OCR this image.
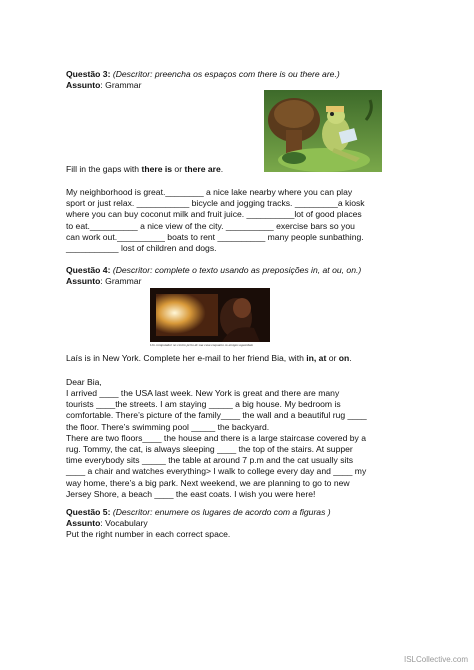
Questão 3: (Descritor: preencha os espaços com there is ou there are.)
Assunto: Grammar
Fill in the gaps with there is or there are.
My neighborhood is great.________ a nice lake nearby where you can play
sport or just relax. ___________ bicycle and jogging tracks. _________a kiosk
where you can buy coconut milk and fruit juice. __________lot of good places
to eat.__________ a nice view of the city. __________ exercise bars so you
can work out.__________ boats to rent __________ many people sunbathing.
___________ lost of children and dogs.
Questão 4: (Descritor: complete o texto usando as preposições in, at ou, on.)
Assunto: Grammar
Um computador no centro perto de sua casa enquanto os amigos aguardam
Laís is in New York. Complete her e-mail to her friend Bia, with in, at or on.
Dear Bia,
I arrived ____ the USA last week. New York is great and there are many
tourists ____the streets. I am staying _____ a big house. My bedroom is
comfortable. There’s picture of the family____ the wall and a beautiful rug ____
the floor. There’s swimming pool _____ the backyard.
There are two floors____ the house and there is a large staircase covered by a
rug. Tommy, the cat, is always sleeping ____ the top of the stairs. At supper
time everybody sits _____ the table at around 7 p.m and the cat usually sits
____ a chair and watches everything> I walk to college every day and ____ my
way home, there’s a big park. Next weekend, we are planning to go to new
Jersey Shore, a beach ____ the east coats. I wish you were here!
Questão 5: (Descritor: enumere os lugares de acordo com a figuras )
Assunto: Vocabulary
Put the right number in each correct space.
ISLCollective.com
